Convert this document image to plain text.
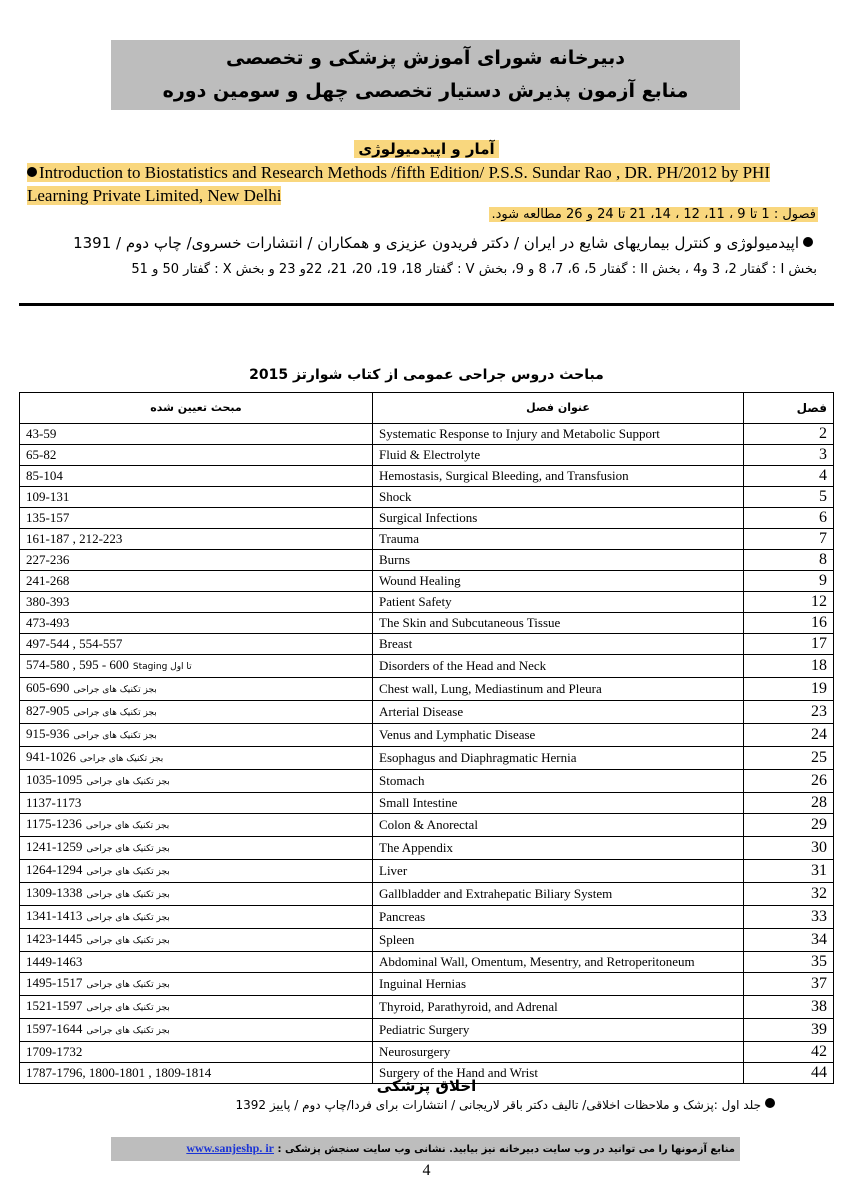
دبیرخانه شورای آموزش پزشکی و تخصصی
منابع آزمون پذیرش دستیار تخصصی چهل و سومین دوره
آمار و اپیدمیولوژی
Introduction to Biostatistics and Research Methods /fifth Edition/ P.S.S. Sundar Rao , DR. PH/2012 by PHI
Learning Private Limited, New Delhi
فصول : 1 تا 9 ، 11، 12 ، 14، 21 تا 24 و 26 مطالعه شود.
اپیدمیولوژی و کنترل بیماریهای شایع در ایران / دکتر فریدون عزیزی و همکاران / انتشارات خسروی/ چاپ دوم / 1391
بخش I : گفتار 2، 3 و4 ، بخش II : گفتار 5، 6، 7، 8 و 9، بخش V : گفتار 18، 19، 20، 21، 22و 23 و بخش X : گفتار 50 و 51
مباحث دروس جراحی عمومی از کتاب شوارتز 2015
مبحث تعیین شده	عنوان فصل	فصل
43-59	Systematic Response to Injury and Metabolic Support	2
65-82	Fluid & Electrolyte	3
85-104	Hemostasis, Surgical Bleeding, and Transfusion	4
109-131	Shock	5
135-157	Surgical Infections	6
161-187 , 212-223	Trauma	7
227-236	Burns	8
241-268	Wound Healing	9
380-393	Patient Safety	12
473-493	The Skin and Subcutaneous Tissue	16
497-544 , 554-557	Breast	17
574-580 , 595 - 600 Staging تا اول	Disorders of the Head and Neck	18
605-690 بجز تکنیک های جراحی	Chest wall, Lung, Mediastinum and Pleura	19
827-905 بجز تکنیک های جراحی	Arterial Disease	23
915-936 بجز تکنیک های جراحی	Venus and Lymphatic Disease	24
941-1026 بجز تکنیک های جراحی	Esophagus and Diaphragmatic Hernia	25
1035-1095 بجز تکنیک های جراحی	Stomach	26
1137-1173	Small Intestine	28
1175-1236 بجز تکنیک های جراحی	Colon & Anorectal	29
1241-1259 بجز تکنیک های جراحی	The Appendix	30
1264-1294 بجز تکنیک های جراحی	Liver	31
1309-1338 بجز تکنیک های جراحی	Gallbladder and Extrahepatic Biliary System	32
1341-1413 بجز تکنیک های جراحی	Pancreas	33
1423-1445 بجز تکنیک های جراحی	Spleen	34
1449-1463	Abdominal Wall, Omentum, Mesentry, and Retroperitoneum	35
1495-1517 بجز تکنیک های جراحی	Inguinal Hernias	37
1521-1597 بجز تکنیک های جراحی	Thyroid, Parathyroid, and Adrenal	38
1597-1644 بجز تکنیک های جراحی	Pediatric Surgery	39
1709-1732	Neurosurgery	42
1787-1796, 1800-1801 , 1809-1814	Surgery of the Hand and Wrist	44
اخلاق پزشکی
جلد اول :پزشک و ملاحظات اخلاقی/ تالیف دکتر باقر لاریجانی / انتشارات برای فردا/چاپ دوم / پاییز 1392
منابع آزمونها را می توانید در وب سایت دبیرخانه نیز بیابید. نشانی وب سایت سنجش پزشکی : www.sanjeshp. ir
4
